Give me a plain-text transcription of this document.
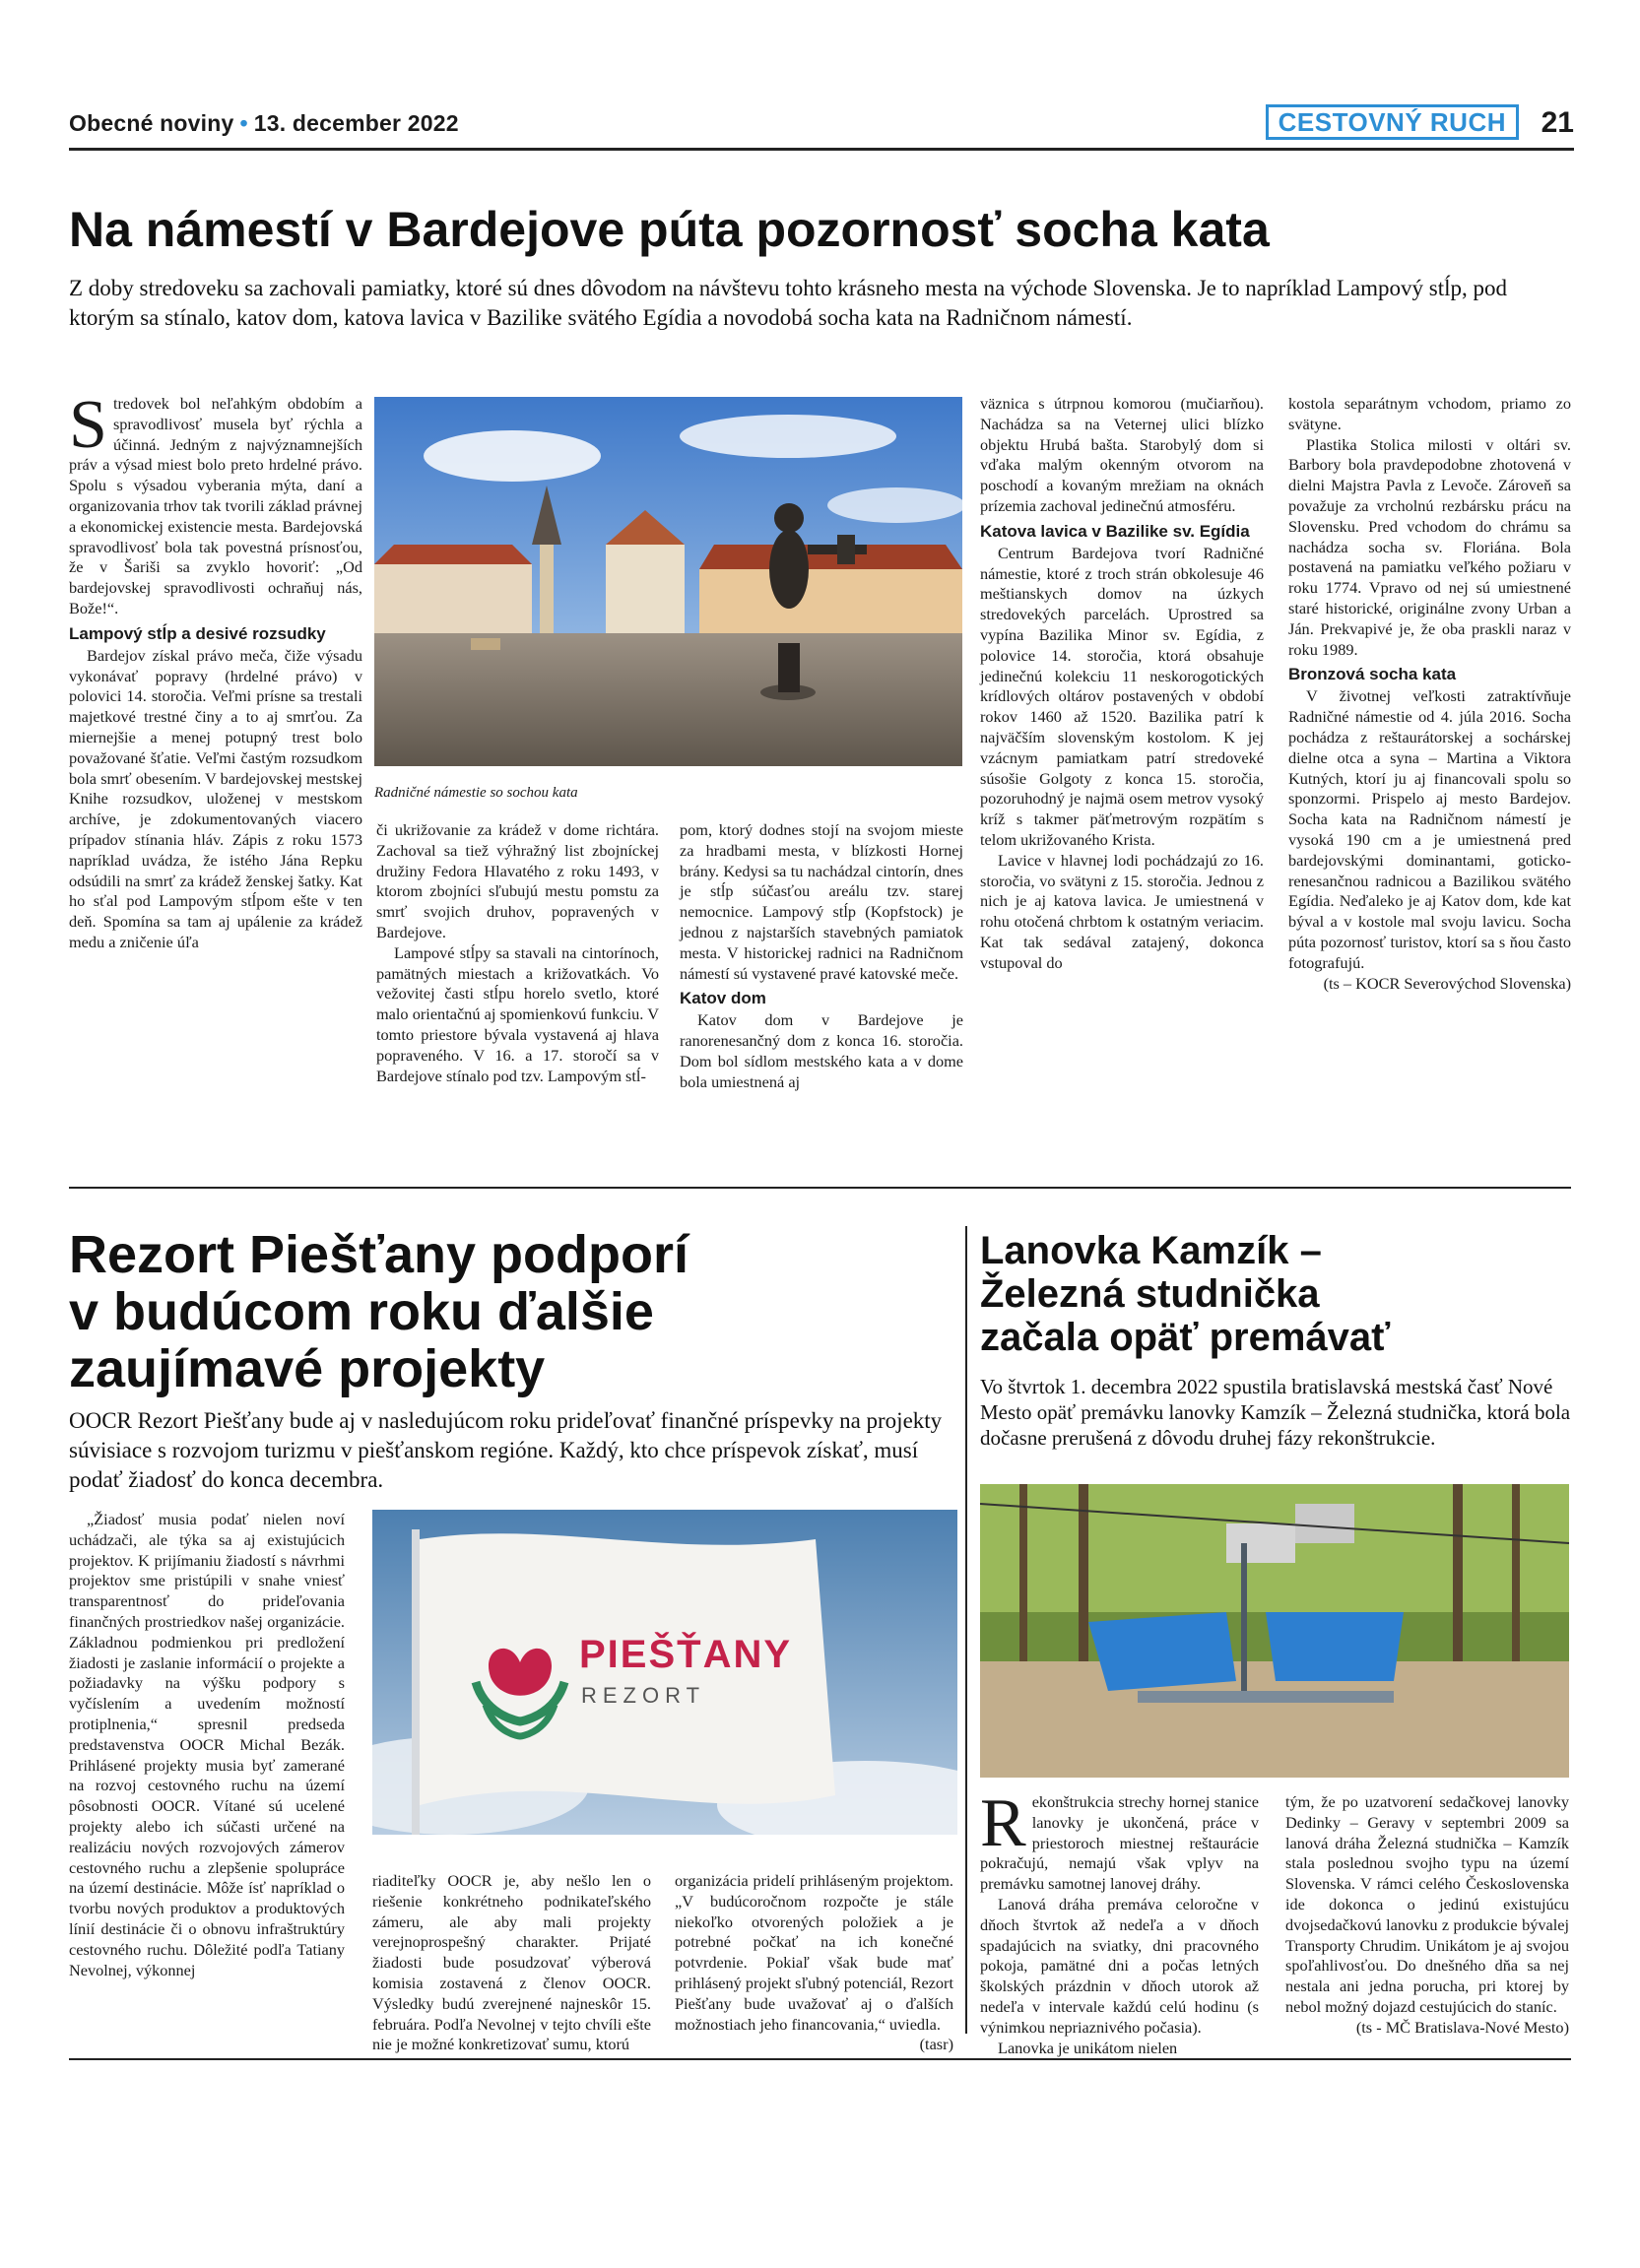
Obecné noviny • 13. december 2022	CESTOVNÝ RUCH	21
Na námestí v Bardejove púta pozornosť socha kata
Z doby stredoveku sa zachovali pamiatky, ktoré sú dnes dôvodom na návštevu tohto krásneho mesta na východe Slovenska. Je to napríklad Lampový stĺp, pod ktorým sa stínalo, katov dom, katova lavica v Bazilike svätého Egídia a novodobá socha kata na Radničnom námestí.

Stredovek bol neľahkým obdobím a spravodlivosť musela byť rýchla a účinná. Jedným z najvýznamnejších práv a výsad miest bolo preto hrdelné právo. Spolu s výsadou vyberania mýta, daní a organizovania trhov tak tvorili základ právnej a ekonomickej existencie mesta. Bardejovská spravodlivosť bola tak povestná prísnosťou, že v Šariši sa zvyklo hovoriť: „Od bardejovskej spravodlivosti ochraňuj nás, Bože!“.

Lampový stĺp a desivé rozsudky

Bardejov získal právo meča, čiže výsadu vykonávať popravy (hrdelné právo) v polovici 14. storočia. Veľmi prísne sa trestali majetkové trestné činy a to aj smrťou. Za miernejšie a menej potupný trest bolo považované šťatie. Veľmi častým rozsudkom bola smrť obesením. V bardejovskej mestskej Knihe rozsudkov, uloženej v mestskom archíve, je zdokumentovaných viacero prípadov stínania hláv. Zápis z roku 1573 napríklad uvádza, že istého Jána Repku odsúdili na smrť za krádež ženskej šatky. Kat ho sťal pod Lampovým stĺpom ešte v ten deň. Spomína sa tam aj upálenie za krádež medu a zničenie úľa

Radničné námestie so sochou kata

či ukrižovanie za krádež v dome richtára. Zachoval sa tiež výhražný list zbojníckej družiny Fedora Hlavatého z roku 1493, v ktorom zbojníci sľubujú mestu pomstu za smrť svojich druhov, popravených v Bardejove.

Lampové stĺpy sa stavali na cintorínoch, pamätných miestach a križovatkách. Vo vežovitej časti stĺpu horelo svetlo, ktoré malo orientačnú aj spomienkovú funkciu. V tomto priestore bývala vystavená aj hlava popraveného. V 16. a 17. storočí sa v Bardejove stínalo pod tzv. Lampovým stĺ-

pom, ktorý dodnes stojí na svojom mieste za hradbami mesta, v blízkosti Hornej brány. Kedysi sa tu nachádzal cintorín, dnes je stĺp súčasťou areálu tzv. starej nemocnice. Lampový stĺp (Kopfstock) je jednou z najstarších stavebných pamiatok mesta. V historickej radnici na Radničnom námestí sú vystavené pravé katovské meče.

Katov dom

Katov dom v Bardejove je ranorenesančný dom z konca 16. storočia. Dom bol sídlom mestského kata a v dome bola umiestnená aj

väznica s útrpnou komorou (mučiarňou). Nachádza sa na Veternej ulici blízko objektu Hrubá bašta. Starobylý dom si vďaka malým okenným otvorom na poschodí a kovaným mrežiam na oknách prízemia zachoval jedinečnú atmosféru.

Katova lavica v Bazilike sv. Egídia

Centrum Bardejova tvorí Radničné námestie, ktoré z troch strán obkolesuje 46 meštianskych domov na úzkych stredovekých parcelách. Uprostred sa vypína Bazilika Minor sv. Egídia, z polovice 14. storočia, ktorá obsahuje jedinečnú kolekciu 11 neskorogotických krídlových oltárov postavených v období rokov 1460 až 1520. Bazilika patrí k najväčším slovenským kostolom. K jej vzácnym pamiatkam patrí stredoveké súsošie Golgoty z konca 15. storočia, pozoruhodný je najmä osem metrov vysoký kríž s takmer päťmetrovým rozpätím s telom ukrižovaného Krista.

Lavice v hlavnej lodi pochádzajú zo 16. storočia, vo svätyni z 15. storočia. Jednou z nich je aj katova lavica. Je umiestnená v rohu otočená chrbtom k ostatným veriacim. Kat tak sedával zatajený, dokonca vstupoval do

kostola separátnym vchodom, priamo zo svätyne.

Plastika Stolica milosti v oltári sv. Barbory bola pravdepodobne zhotovená v dielni Majstra Pavla z Levoče. Zároveň sa považuje za vrcholnú rezbársku prácu na Slovensku. Pred vchodom do chrámu sa nachádza socha sv. Floriána. Bola postavená na pamiatku veľkého požiaru v roku 1774. Vpravo od nej sú umiestnené staré historické, originálne zvony Urban a Ján. Prekvapivé je, že oba praskli naraz v roku 1989.

Bronzová socha kata

V životnej veľkosti zatraktívňuje Radničné námestie od 4. júla 2016. Socha pochádza z reštaurátorskej a sochárskej dielne otca a syna – Martina a Viktora Kutných, ktorí ju aj financovali spolu so sponzormi. Prispelo aj mesto Bardejov. Socha kata na Radničnom námestí je vysoká 190 cm a je umiestnená pred bardejovskými dominantami, goticko-renesančnou radnicou a Bazilikou svätého Egídia. Neďaleko je aj Katov dom, kde kat býval a v kostole mal svoju lavicu. Socha púta pozornosť turistov, ktorí sa s ňou často fotografujú.

(ts – KOCR Severovýchod Slovenska)

Rezort Piešťany podporí
v budúcom roku ďalšie
zaujímavé projekty
OOCR Rezort Piešťany bude aj v nasledujúcom roku prideľovať finančné príspevky na projekty súvisiace s rozvojom turizmu v piešťanskom regióne. Každý, kto chce príspevok získať, musí podať žiadosť do konca decembra.

„Žiadosť musia podať nielen noví uchádzači, ale týka sa aj existujúcich projektov. K prijímaniu žiadostí s návrhmi projektov sme pristúpili v snahe vniesť transparentnosť do prideľovania finančných prostriedkov našej organizácie. Základnou podmienkou pri predložení žiadosti je zaslanie informácií o projekte a požiadavky na výšku podpory s vyčíslením a uvedením možností protiplnenia,“ spresnil predseda predstavenstva OOCR Michal Bezák. Prihlásené projekty musia byť zamerané na rozvoj cestovného ruchu na území pôsobnosti OOCR. Vítané sú ucelené projekty alebo ich súčasti určené na realizáciu nových rozvojových zámerov cestovného ruchu a zlepšenie spolupráce na území destinácie. Môže ísť napríklad o tvorbu nových produktov a produktových línií destinácie či o obnovu infraštruktúry cestovného ruchu. Dôležité podľa Tatiany Nevolnej, výkonnej

PIEŠŤANY
REZORT

riaditeľky OOCR je, aby nešlo len o riešenie konkrétneho podnikateľského zámeru, ale aby mali projekty verejnoprospešný charakter. Prijaté žiadosti bude posudzovať výberová komisia zostavená z členov OOCR. Výsledky budú zverejnené najneskôr 15. februára. Podľa Nevolnej v tejto chvíli ešte nie je možné konkretizovať sumu, ktorú

organizácia pridelí prihláseným projektom. „V budúcoročnom rozpočte je stále niekoľko otvorených položiek a je potrebné počkať na ich konečné potvrdenie. Pokiaľ však bude mať prihlásený projekt sľubný potenciál, Rezort Piešťany bude uvažovať aj o ďalších možnostiach jeho financovania,“ uviedla.

(tasr)

Lanovka Kamzík –
Železná studnička
začala opäť premávať
Vo štvrtok 1. decembra 2022 spustila bratislavská mestská časť Nové Mesto opäť premávku lanovky Kamzík – Železná studnička, ktorá bola dočasne prerušená z dôvodu druhej fázy rekonštrukcie.

Rekonštrukcia strechy hornej stanice lanovky je ukončená, práce v priestoroch miestnej reštaurácie pokračujú, nemajú však vplyv na premávku samotnej lanovej dráhy.

Lanová dráha premáva celoročne v dňoch štvrtok až nedeľa a v dňoch spadajúcich na sviatky, dni pracovného pokoja, pamätné dni a počas letných školských prázdnin v dňoch utorok až nedeľa v intervale každú celú hodinu (s výnimkou nepriaznivého počasia).

Lanovka je unikátom nielen

tým, že po uzatvorení sedačkovej lanovky Dedinky – Geravy v septembri 2009 sa lanová dráha Železná studnička – Kamzík stala poslednou svojho typu na území Slovenska. V rámci celého Československa ide dokonca o jedinú existujúcu dvojsedačkovú lanovku z produkcie bývalej Transporty Chrudim. Unikátom je aj svojou spoľahlivosťou. Do dnešného dňa sa nej nestala ani jedna porucha, pri ktorej by nebol možný dojazd cestujúcich do staníc.

(ts - MČ Bratislava-Nové Mesto)
